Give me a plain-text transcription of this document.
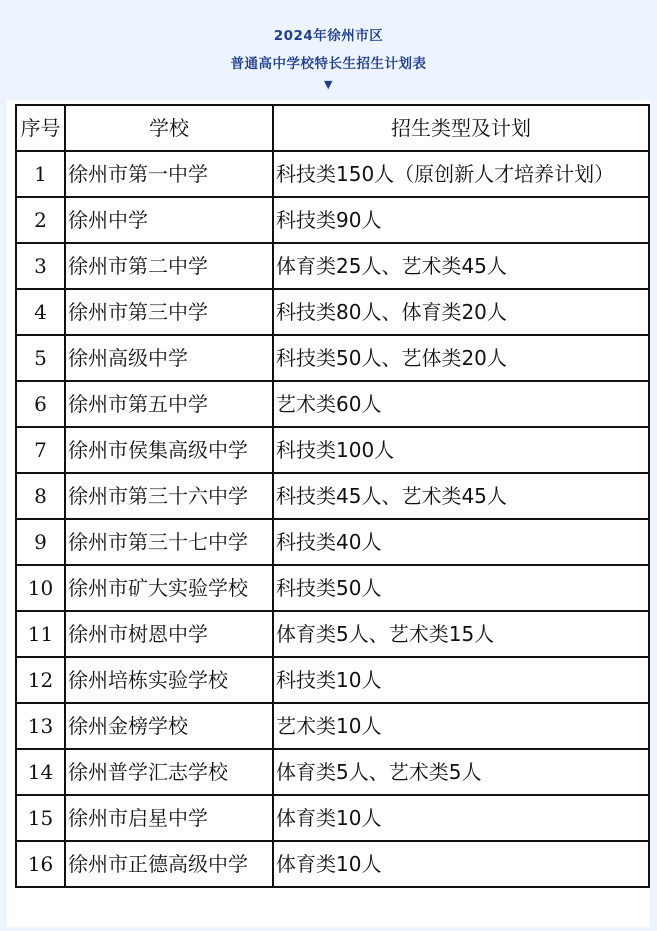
2024年徐州市区
普通高中学校特长生招生计划表
▼
序号	学校	招生类型及计划
1	徐州市第一中学	科技类150人（原创新人才培养计划）
2	徐州中学	科技类90人
3	徐州市第二中学	体育类25人、艺术类45人
4	徐州市第三中学	科技类80人、体育类20人
5	徐州高级中学	科技类50人、艺体类20人
6	徐州市第五中学	艺术类60人
7	徐州市侯集高级中学	科技类100人
8	徐州市第三十六中学	科技类45人、艺术类45人
9	徐州市第三十七中学	科技类40人
10	徐州市矿大实验学校	科技类50人
11	徐州市树恩中学	体育类5人、艺术类15人
12	徐州培栋实验学校	科技类10人
13	徐州金榜学校	艺术类10人
14	徐州普学汇志学校	体育类5人、艺术类5人
15	徐州市启星中学	体育类10人
16	徐州市正德高级中学	体育类10人
